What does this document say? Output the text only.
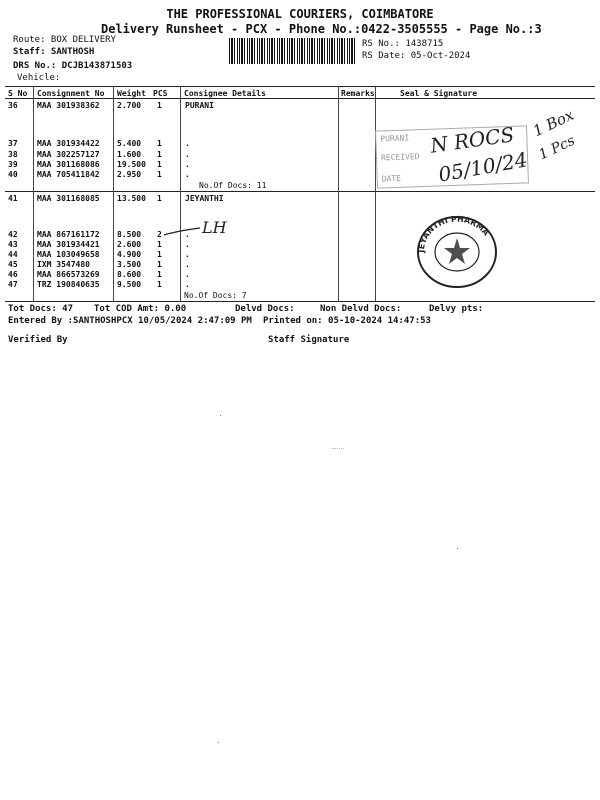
THE PROFESSIONAL COURIERS, COIMBATORE
Delivery Runsheet - PCX - Phone No.:0422-3505555 - Page No.:3
Route: BOX DELIVERY
Staff: SANTHOSH
RS No.: 1438715
RS Date: 05-Oct-2024
DRS No.: DCJB143871503
Vehicle:
S No Consignment No Weight PCS Consignee Details	Remarks	Seal & Signature
36 MAA 301938362 2.700 1	PURANI
37 MAA 301934422 5.400 1	.
38 MAA 302257127 1.600 1	.
39 MAA 301168086 19.500 1	.
40 MAA 705411842 2.950 1	.
No.Of Docs: 11
41 MAA 301168085 13.500 1	JEYANTHI
42 MAA 867161172 8.500 2	.
43 MAA 301934421 2.600 1	.
44 MAA 103049658 4.900 1	.
45 IXM 3547480	3.500 1	.
46 MAA 866573269 8.600 1	.
47 TRZ 190840635 9.500 1	.
No.Of Docs: 7
PURANI
RECEIVED
DATE
N ROCS
05/10/24
1 Box
1 Pcs
LH
JEYANTHI PHARMA
Tot Docs: 47 Tot COD Amt: 0.00	Delvd Docs:	Non Delvd Docs:	Delvy pts:
Entered By :SANTHOSHPCX 10/05/2024 2:47:09 PM Printed on: 05-10-2024 14:47:53
Verified By	Staff Signature
